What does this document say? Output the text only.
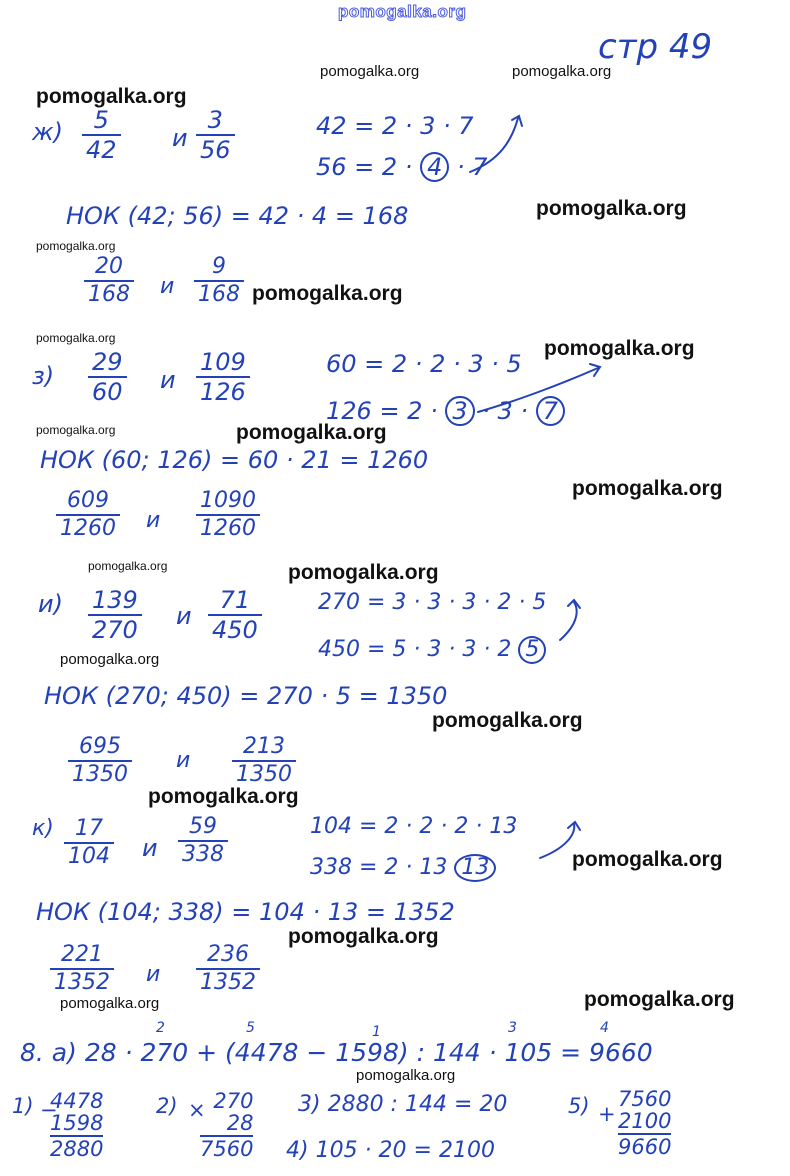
pomogalka.org
стр 49
pomogalka.org	pomogalka.org
pomogalka.org
pomogalka.org
pomogalka.org
pomogalka.org
pomogalka.org	pomogalka.org
pomogalka.org	pomogalka.org
pomogalka.org
pomogalka.org	pomogalka.org
pomogalka.org
pomogalka.org
pomogalka.org
pomogalka.org
pomogalka.org
pomogalka.org	pomogalka.org
pomogalka.org
$ж) \frac{5}{42}$ и $\frac{3}{56}$	42 = 2 · 3 · 7
56 = 2 · 4 · 7
НОК (42; 56) = 42 · 4 = 168
$\frac{20}{168}$ и $\frac{9}{168}$
$з) \frac{29}{60}$ и $\frac{109}{126}$	60 = 2 · 2 · 3 · 5
126 = 2 · 3 · 3 · 7
НОК (60; 126) = 60 · 21 = 1260
$\frac{609}{1260}$ и $\frac{1090}{1260}$
$и) \frac{139}{270}$ и $\frac{71}{450}$	270 = 3 · 3 · 3 · 2 · 5
450 = 5 · 3 · 3 · 2 5
НОК (270; 450) = 270 · 5 = 1350
$\frac{695}{1350}$ и $\frac{213}{1350}$
$к) \frac{17}{104}$ и $\frac{59}{338}$	104 = 2 · 2 · 2 · 13
338 = 2 · 13 13
НОК (104; 338) = 104 · 13 = 1352
$\frac{221}{1352}$ и $\frac{236}{1352}$
8. а) 28 · 270 + (4478 − 1598) : 144 · 105 = 9660
2	5	1	3	4
1) −
4478
1598
2880
2) × 270
28
7560
3) 2880 : 144 = 20
4) 105 · 20 = 2100
5) +
7560
2100
9660
